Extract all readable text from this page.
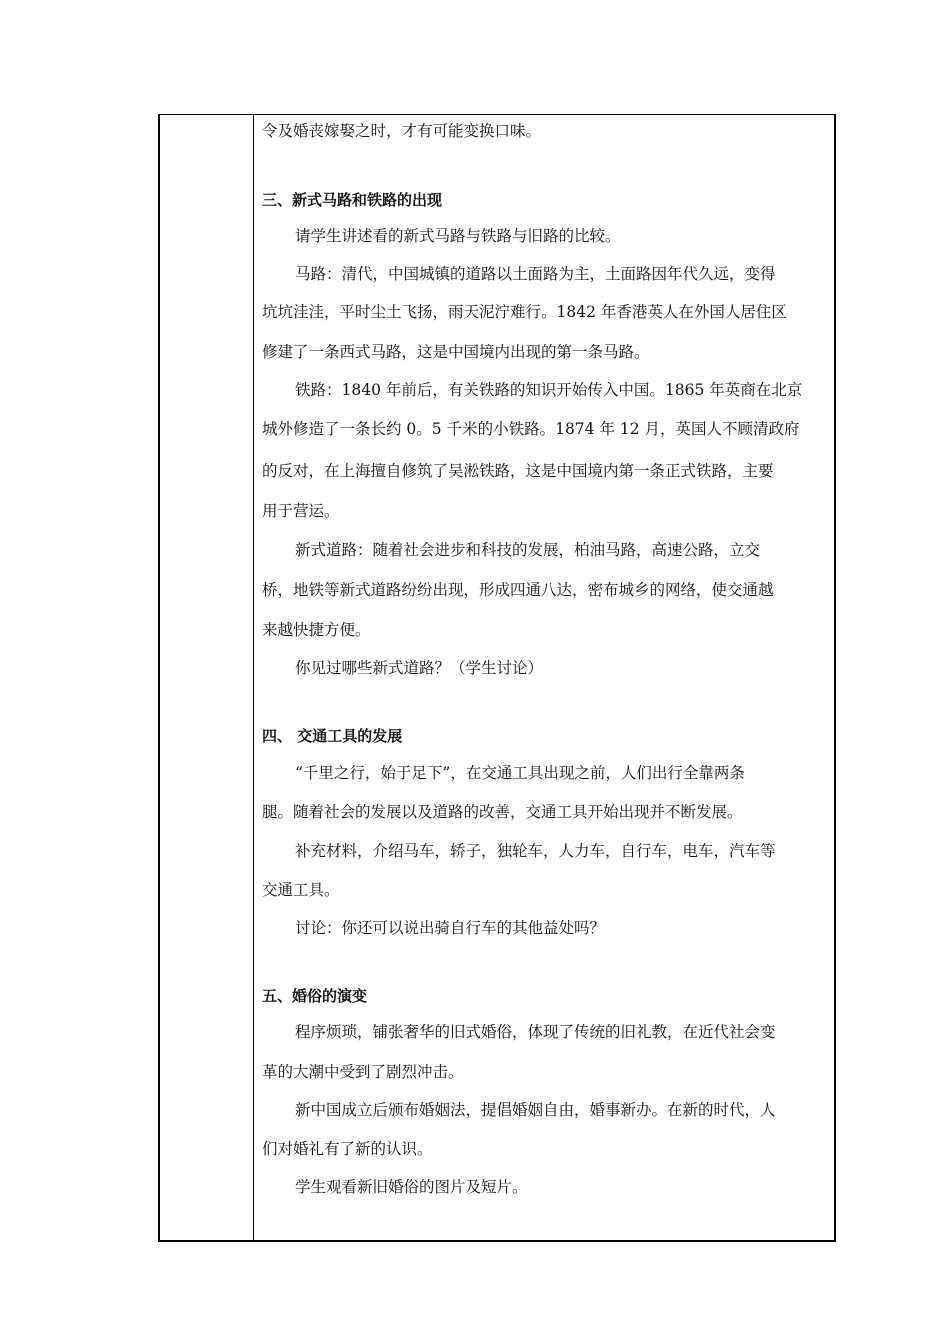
令及婚丧嫁娶之时，才有可能变换口味。
三、新式马路和铁路的出现
请学生讲述看的新式马路与铁路与旧路的比较。
马路：清代，中国城镇的道路以土面路为主，土面路因年代久远，变得
坑坑洼洼，平时尘土飞扬，雨天泥泞难行。1842 年香港英人在外国人居住区
修建了一条西式马路，这是中国境内出现的第一条马路。
铁路：1840 年前后，有关铁路的知识开始传入中国。1865 年英商在北京
城外修造了一条长约 0。5 千米的小铁路。1874 年 12 月，英国人不顾清政府
的反对，在上海擅自修筑了吴淞铁路，这是中国境内第一条正式铁路，主要
用于营运。
新式道路：随着社会进步和科技的发展，柏油马路，高速公路，立交
桥，地铁等新式道路纷纷出现，形成四通八达，密布城乡的网络，使交通越
来越快捷方便。
你见过哪些新式道路？（学生讨论）
四、 交通工具的发展
“千里之行，始于足下”，在交通工具出现之前，人们出行全靠两条
腿。随着社会的发展以及道路的改善，交通工具开始出现并不断发展。
补充材料，介绍马车，轿子，独轮车，人力车，自行车，电车，汽车等
交通工具。
讨论：你还可以说出骑自行车的其他益处吗？
五、婚俗的演变
程序烦琐，铺张奢华的旧式婚俗，体现了传统的旧礼教，在近代社会变
革的大潮中受到了剧烈冲击。
新中国成立后颁布婚姻法，提倡婚姻自由，婚事新办。在新的时代，人
们对婚礼有了新的认识。
学生观看新旧婚俗的图片及短片。
